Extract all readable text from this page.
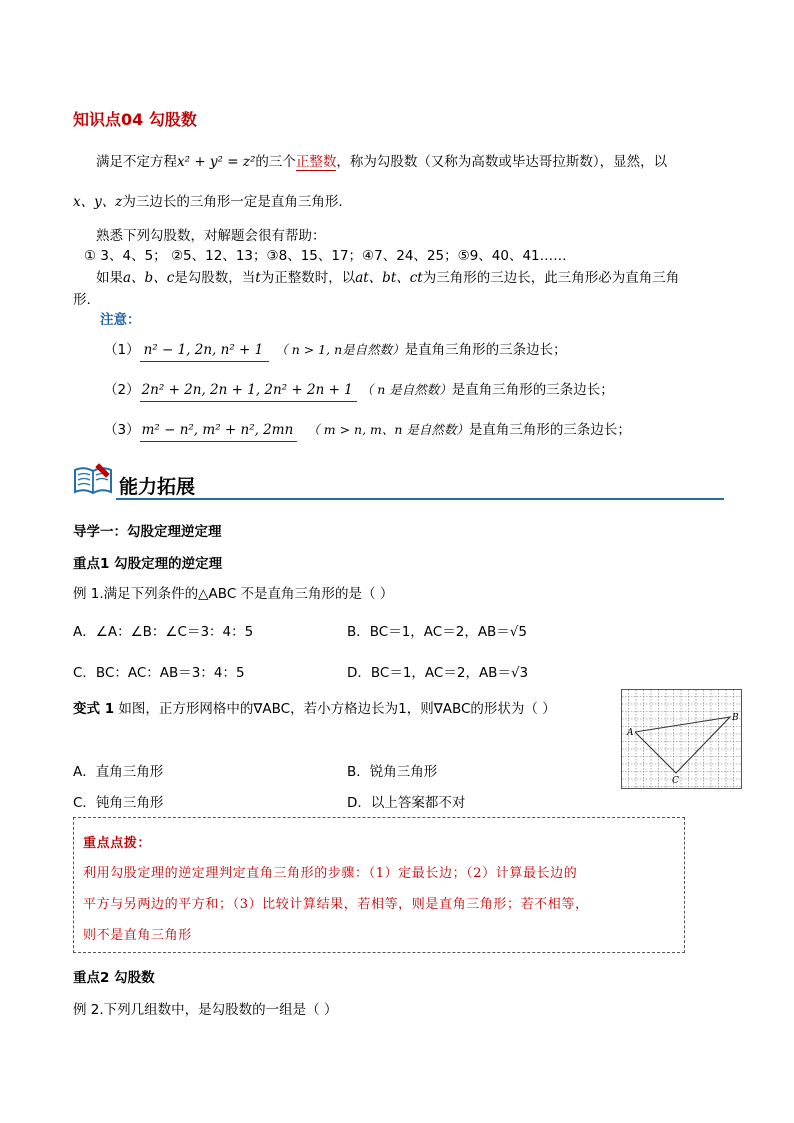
知识点04 勾股数
满足不定方程x² + y² = z²的三个正整数，称为勾股数（又称为高数或毕达哥拉斯数），显然，以
x、y、z为三边长的三角形一定是直角三角形.
熟悉下列勾股数，对解题会很有帮助：
① 3、4、5； ②5、12、13；③8、15、17；④7、24、25；⑤9、40、41……
如果a、b、c是勾股数，当t为正整数时，以at、bt、ct为三角形的三边长，此三角形必为直角三角
形.
注意：
（1） n² − 1, 2n, n² + 1 （ n > 1, n是自然数）是直角三角形的三条边长；
（2） 2n² + 2n, 2n + 1, 2n² + 2n + 1 （ n 是自然数）是直角三角形的三条边长；
（3） m² − n², m² + n², 2mn （ m > n, m、n 是自然数）是直角三角形的三条边长；
能力拓展
导学一：勾股定理逆定理
重点1 勾股定理的逆定理
例 1.满足下列条件的△ABC 不是直角三角形的是（ ）
A．∠A：∠B：∠C＝3：4：5	B．BC＝1，AC＝2，AB＝√5
C．BC：AC：AB＝3：4：5	D．BC＝1，AC＝2，AB＝√3
变式 1 如图，正方形网格中的∇ABC，若小方格边长为1，则∇ABC的形状为（ ）
A
B
C
A．直角三角形	B．锐角三角形
C．钝角三角形	D．以上答案都不对
重点点拨：
利用勾股定理的逆定理判定直角三角形的步骤：（1）定最长边；（2）计算最长边的
平方与另两边的平方和；（3）比较计算结果，若相等，则是直角三角形；若不相等，
则不是直角三角形
重点2 勾股数
例 2.下列几组数中，是勾股数的一组是（ ）
